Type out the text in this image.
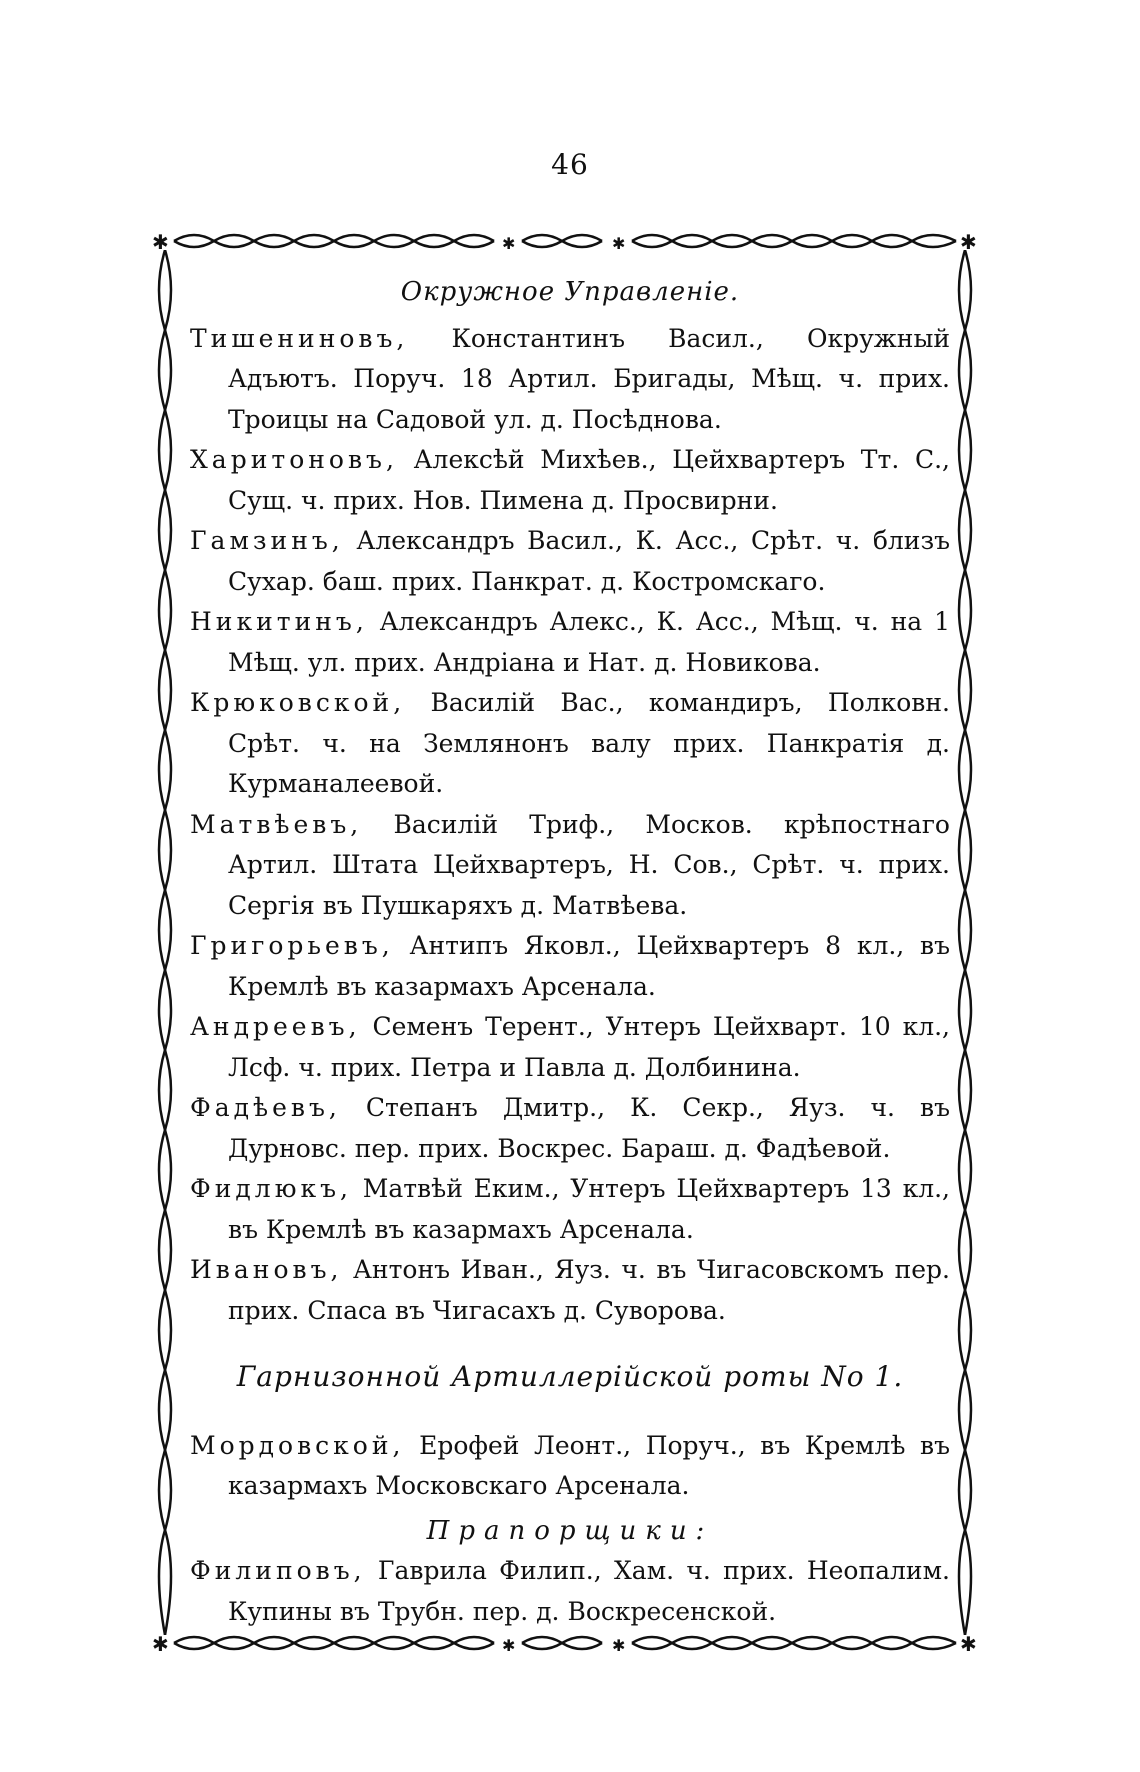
46
✱	✱
✱	✱
✱	✱
✱	✱
Окружное Управленіе.
Тишениновъ, Константинъ Васил., Окружный Адъютъ. Поруч. 18 Артил. Бригады, Мѣщ. ч. прих. Троицы на Садовой ул. д. Посѣднова.
Харитоновъ, Алексѣй Михѣев., Цейхвартеръ Тт. С., Сущ. ч. прих. Нов. Пимена д. Просвирни.
Гамзинъ, Александръ Васил., К. Асс., Срѣт. ч. близъ Сухар. баш. прих. Панкрат. д. Костромскаго.
Никитинъ, Александръ Алекс., К. Асс., Мѣщ. ч. на 1 Мѣщ. ул. прих. Андріана и Нат. д. Новикова.
Крюковской, Василій Вас., командиръ, Полковн. Срѣт. ч. на Землянонъ валу прих. Панкратія д. Курманалеевой.
Матвѣевъ, Василій Триф., Москов. крѣпостнаго Артил. Штата Цейхвартеръ, Н. Сов., Срѣт. ч. прих. Сергія въ Пушкаряхъ д. Матвѣева.
Григорьевъ, Антипъ Яковл., Цейхвартеръ 8 кл., въ Кремлѣ въ казармахъ Арсенала.
Андреевъ, Семенъ Терент., Унтеръ Цейхварт. 10 кл., Лсф. ч. прих. Петра и Павла д. Долбинина.
Фадѣевъ, Степанъ Дмитр., К. Секр., Яуз. ч. въ Дурновс. пер. прих. Воскрес. Бараш. д. Фадѣевой.
Фидлюкъ, Матвѣй Еким., Унтеръ Цейхвартеръ 13 кл., въ Кремлѣ въ казармахъ Арсенала.
Ивановъ, Антонъ Иван., Яуз. ч. въ Чигасовскомъ пер. прих. Спаса въ Чигасахъ д. Суворова.
Гарнизонной Артиллерійской роты No 1.
Мордовской, Ерофей Леонт., Поруч., въ Кремлѣ въ казармахъ Московскаго Арсенала.
Прапорщики:
Филиповъ, Гаврила Филип., Хам. ч. прих. Неопалим. Купины въ Трубн. пер. д. Воскресенской.
